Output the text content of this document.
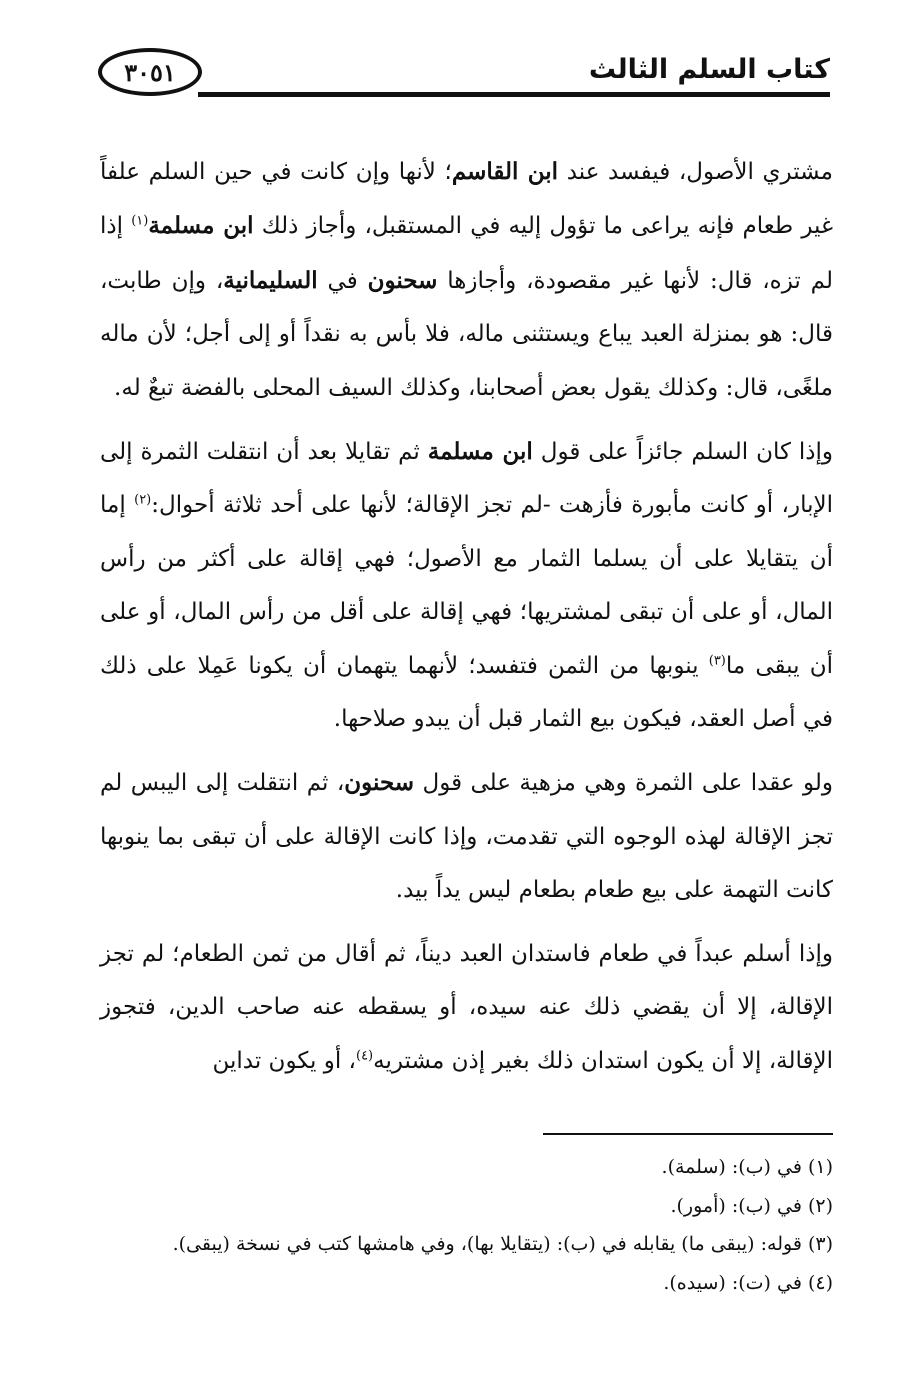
كتاب السلم الثالث
٣٠٥١

مشتري الأصول، فيفسد عند ابن القاسم؛ لأنها وإن كانت في حين السلم علفاً غير طعام فإنه يراعى ما تؤول إليه في المستقبل، وأجاز ذلك ابن مسلمة$^{(١)}$ إذا لم تزه، قال: لأنها غير مقصودة، وأجازها سحنون في السليمانية، وإن طابت، قال: هو بمنزلة العبد يباع ويستثنى ماله، فلا بأس به نقداً أو إلى أجل؛ لأن ماله ملغًى، قال: وكذلك يقول بعض أصحابنا، وكذلك السيف المحلى بالفضة تبعٌ له.

وإذا كان السلم جائزاً على قول ابن مسلمة ثم تقايلا بعد أن انتقلت الثمرة إلى الإبار، أو كانت مأبورة فأزهت -لم تجز الإقالة؛ لأنها على أحد ثلاثة أحوال:$^{(٢)}$ إما أن يتقايلا على أن يسلما الثمار مع الأصول؛ فهي إقالة على أكثر من رأس المال، أو على أن تبقى لمشتريها؛ فهي إقالة على أقل من رأس المال، أو على أن يبقى ما$^{(٣)}$ ينوبها من الثمن فتفسد؛ لأنهما يتهمان أن يكونا عَمِلا على ذلك في أصل العقد، فيكون بيع الثمار قبل أن يبدو صلاحها.

ولو عقدا على الثمرة وهي مزهية على قول سحنون، ثم انتقلت إلى اليبس لم تجز الإقالة لهذه الوجوه التي تقدمت، وإذا كانت الإقالة على أن تبقى بما ينوبها كانت التهمة على بيع طعام بطعام ليس يداً بيد.

وإذا أسلم عبداً في طعام فاستدان العبد ديناً، ثم أقال من ثمن الطعام؛ لم تجز الإقالة، إلا أن يقضي ذلك عنه سيده، أو يسقطه عنه صاحب الدين، فتجوز الإقالة، إلا أن يكون استدان ذلك بغير إذن مشتريه$^{(٤)}$، أو يكون تداين

(١) في (ب): (سلمة).

(٢) في (ب): (أمور).

(٣) قوله: (يبقى ما) يقابله في (ب): (يتقايلا بها)، وفي هامشها كتب في نسخة (يبقى).

(٤) في (ت): (سيده).
